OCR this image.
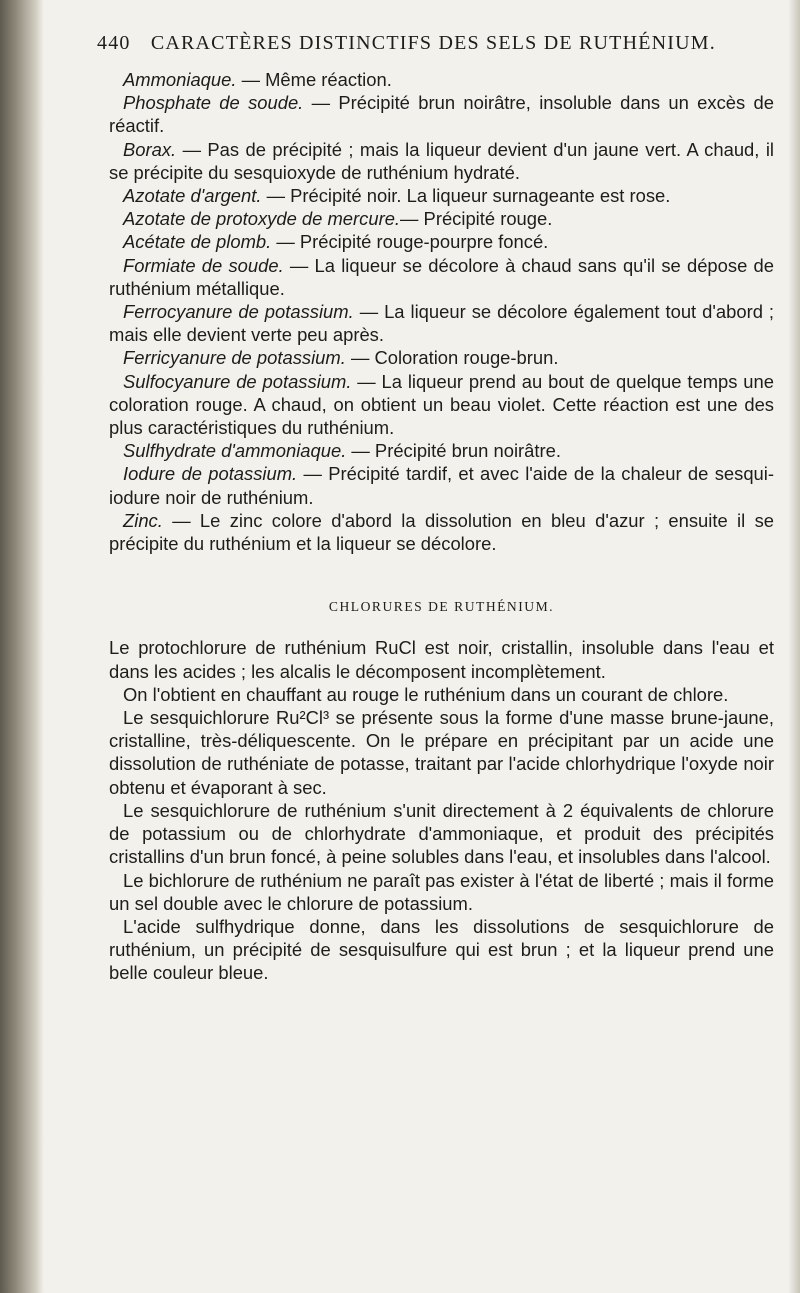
440 CARACTÈRES DISTINCTIFS DES SELS DE RUTHÉNIUM.

Ammoniaque. — Même réaction.

Phosphate de soude. — Précipité brun noirâtre, insoluble dans un excès de réactif.

Borax. — Pas de précipité ; mais la liqueur devient d'un jaune vert. A chaud, il se précipite du sesquioxyde de ruthénium hydraté.

Azotate d'argent. — Précipité noir. La liqueur surnageante est rose.

Azotate de protoxyde de mercure.— Précipité rouge.

Acétate de plomb. — Précipité rouge-pourpre foncé.

Formiate de soude. — La liqueur se décolore à chaud sans qu'il se dépose de ruthénium métallique.

Ferrocyanure de potassium. — La liqueur se décolore également tout d'abord ; mais elle devient verte peu après.

Ferricyanure de potassium. — Coloration rouge-brun.

Sulfocyanure de potassium. — La liqueur prend au bout de quelque temps une coloration rouge. A chaud, on obtient un beau violet. Cette réaction est une des plus caractéristiques du ruthénium.

Sulfhydrate d'ammoniaque. — Précipité brun noirâtre.

Iodure de potassium. — Précipité tardif, et avec l'aide de la chaleur de sesqui-iodure noir de ruthénium.

Zinc. — Le zinc colore d'abord la dissolution en bleu d'azur ; ensuite il se précipite du ruthénium et la liqueur se décolore.

CHLORURES DE RUTHÉNIUM.

Le protochlorure de ruthénium RuCl est noir, cristallin, insoluble dans l'eau et dans les acides ; les alcalis le décomposent incomplètement.

On l'obtient en chauffant au rouge le ruthénium dans un courant de chlore.

Le sesquichlorure Ru²Cl³ se présente sous la forme d'une masse brune-jaune, cristalline, très-déliquescente. On le prépare en précipitant par un acide une dissolution de ruthéniate de potasse, traitant par l'acide chlorhydrique l'oxyde noir obtenu et évaporant à sec.

Le sesquichlorure de ruthénium s'unit directement à 2 équivalents de chlorure de potassium ou de chlorhydrate d'ammoniaque, et produit des précipités cristallins d'un brun foncé, à peine solubles dans l'eau, et insolubles dans l'alcool.

Le bichlorure de ruthénium ne paraît pas exister à l'état de liberté ; mais il forme un sel double avec le chlorure de potassium.

L'acide sulfhydrique donne, dans les dissolutions de sesquichlorure de ruthénium, un précipité de sesquisulfure qui est brun ; et la liqueur prend une belle couleur bleue.
